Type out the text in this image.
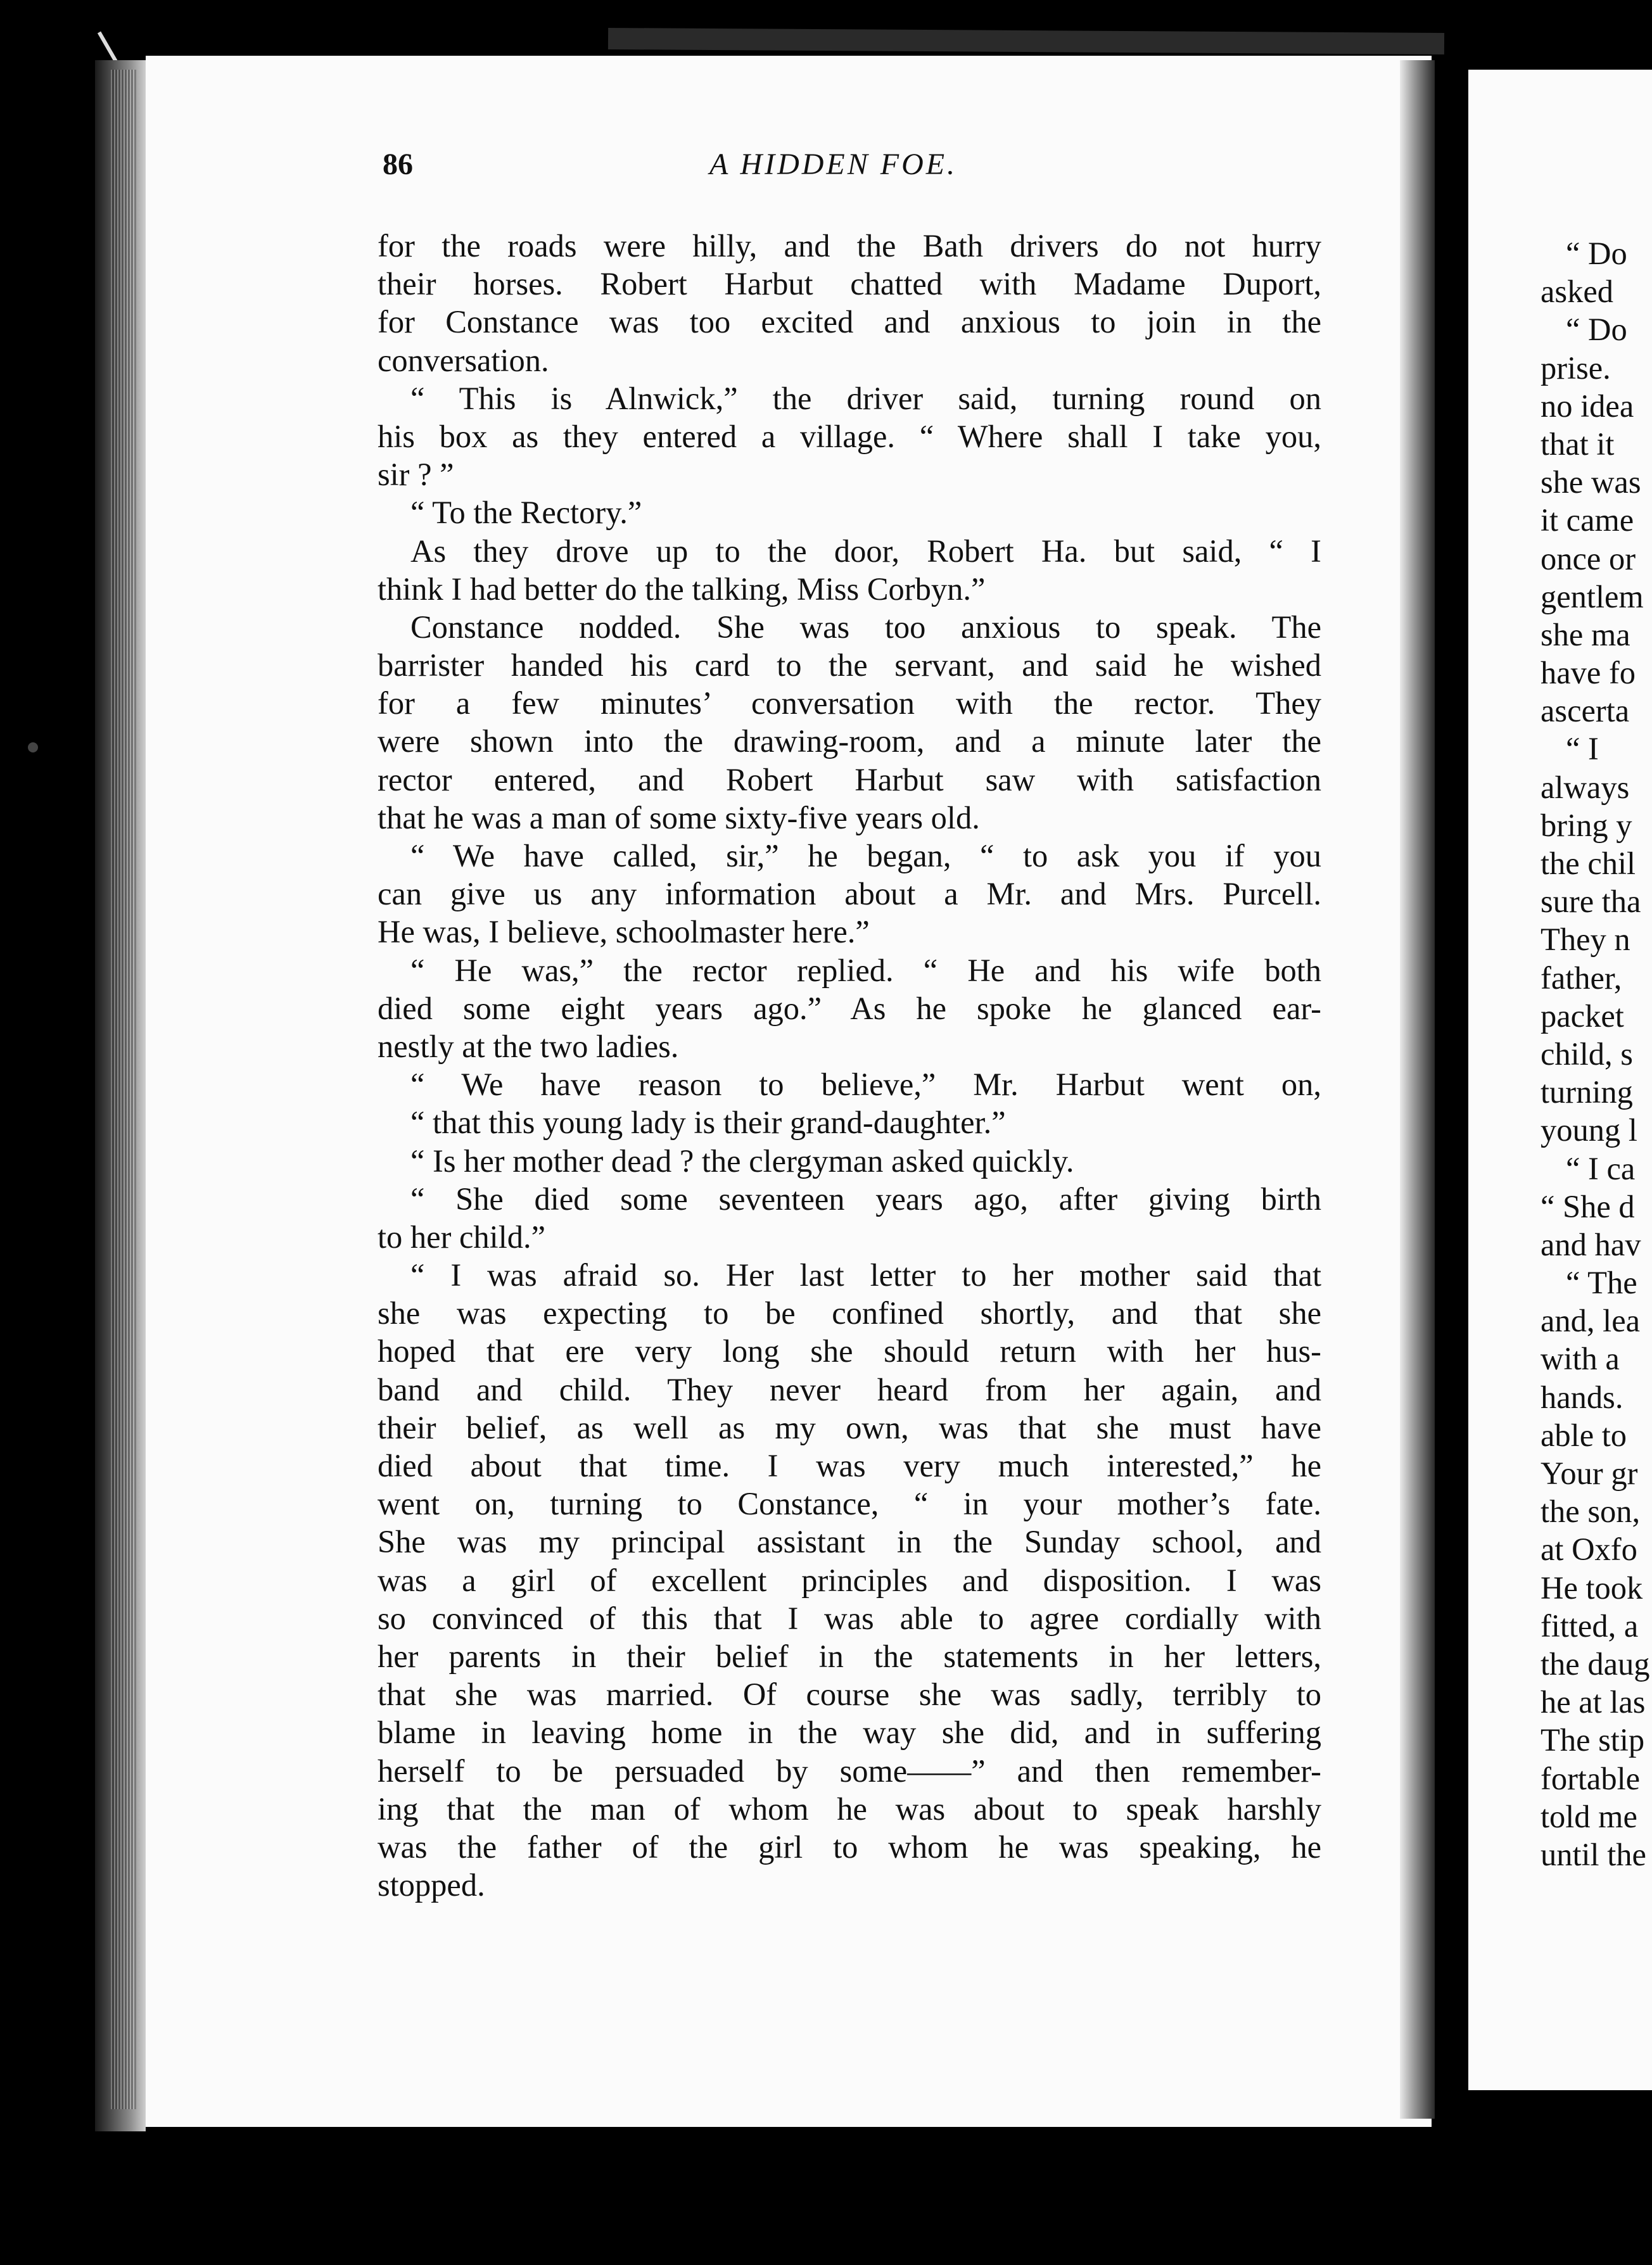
86	A HIDDEN FOE.
for the roads were hilly, and the Bath drivers do not hurry
their horses. Robert Harbut chatted with Madame Duport,
for Constance was too excited and anxious to join in the
conversation.
“ This is Alnwick,” the driver said, turning round on
his box as they entered a village. “ Where shall I take you,
sir ? ”
“ To the Rectory.”
As they drove up to the door, Robert Ha. but said, “ I
think I had better do the talking, Miss Corbyn.”
Constance nodded. She was too anxious to speak. The
barrister handed his card to the servant, and said he wished
for a few minutes’ conversation with the rector. They
were shown into the drawing-room, and a minute later the
rector entered, and Robert Harbut saw with satisfaction
that he was a man of some sixty-five years old.
“ We have called, sir,” he began, “ to ask you if you
can give us any information about a Mr. and Mrs. Purcell.
He was, I believe, schoolmaster here.”
“ He was,” the rector replied. “ He and his wife both
died some eight years ago.” As he spoke he glanced ear-
nestly at the two ladies.
“ We have reason to believe,” Mr. Harbut went on,
“ that this young lady is their grand-daughter.”
“ Is her mother dead ? the clergyman asked quickly.
“ She died some seventeen years ago, after giving birth
to her child.”
“ I was afraid so. Her last letter to her mother said that
she was expecting to be confined shortly, and that she
hoped that ere very long she should return with her hus-
band and child. They never heard from her again, and
their belief, as well as my own, was that she must have
died about that time. I was very much interested,” he
went on, turning to Constance, “ in your mother’s fate.
She was my principal assistant in the Sunday school, and
was a girl of excellent principles and disposition. I was
so convinced of this that I was able to agree cordially with
her parents in their belief in the statements in her letters,
that she was married. Of course she was sadly, terribly to
blame in leaving home in the way she did, and in suffering
herself to be persuaded by some——” and then remember-
ing that the man of whom he was about to speak harshly
was the father of the girl to whom he was speaking, he
stopped.
“ Do
asked
“ Do
prise.
no idea
that it
she was
it came
once or
gentlem
she ma
have fo
ascerta
“ I
always
bring y
the chil
sure tha
They n
father,
packet
child, s
turning
young l
“ I ca
“ She d
and hav
“ The
and, lea
with a
hands.
able to
Your gr
the son,
at Oxfo
He took
fitted, a
the daug
he at las
The stip
fortable
told me
until the
